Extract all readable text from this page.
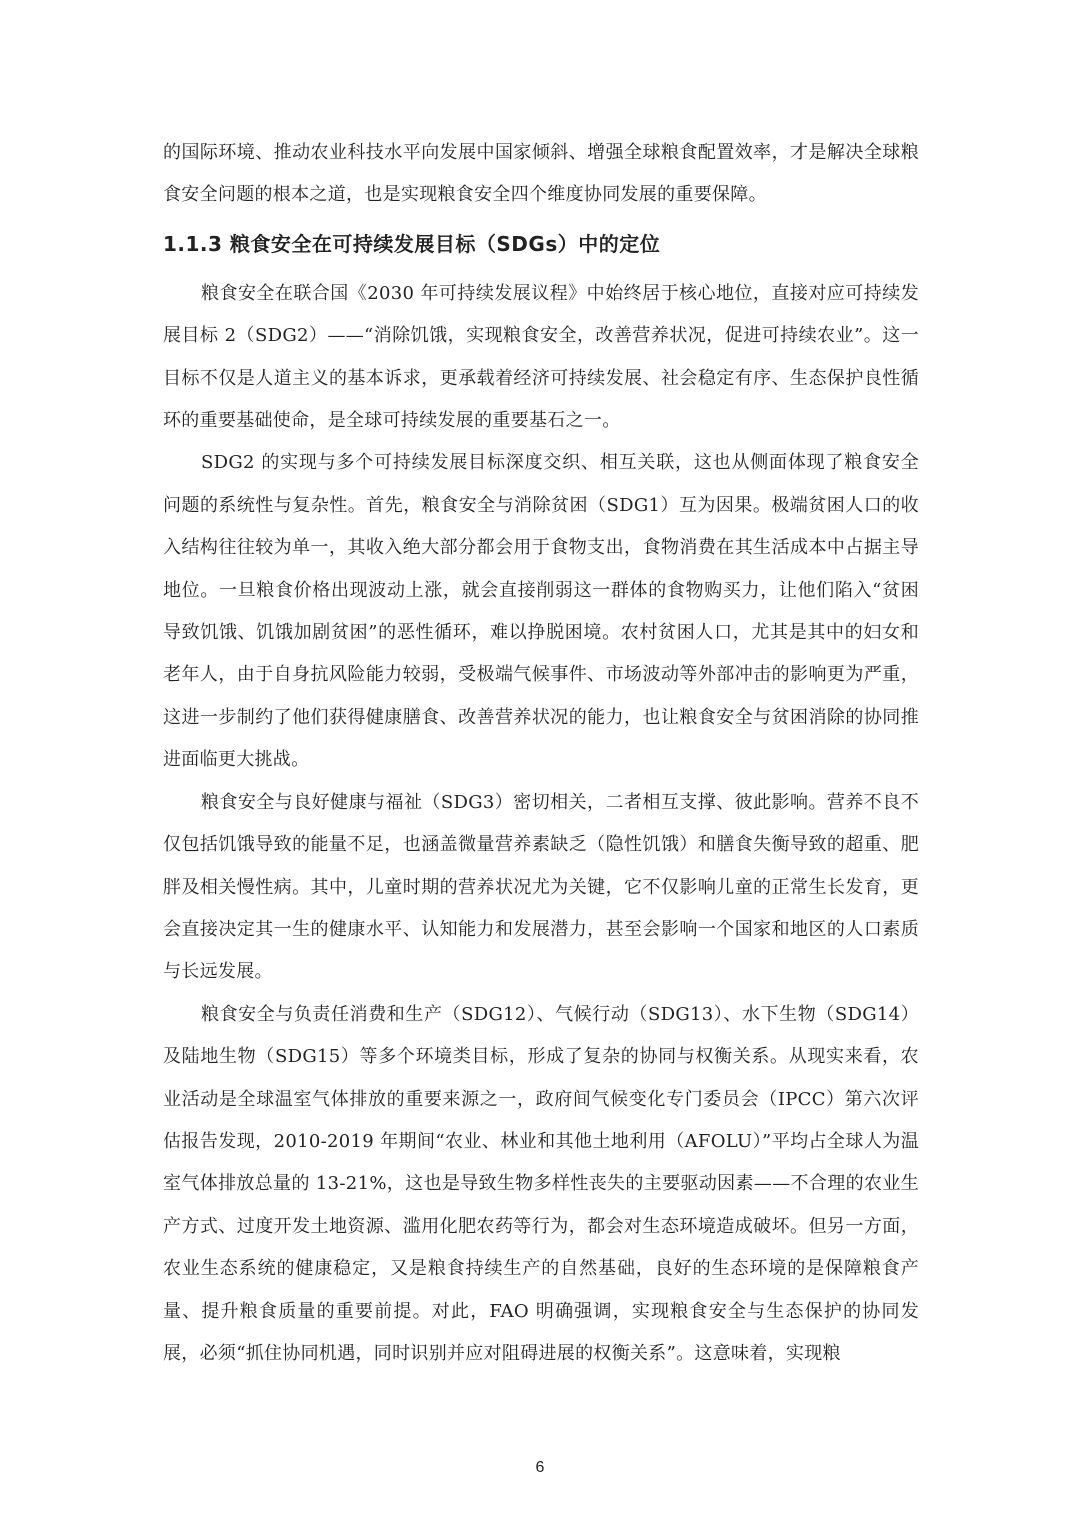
的国际环境、推动农业科技水平向发展中国家倾斜、增强全球粮食配置效率，才是解决全球粮食安全问题的根本之道，也是实现粮食安全四个维度协同发展的重要保障。

1.1.3 粮食安全在可持续发展目标（SDGs）中的定位

粮食安全在联合国《2030 年可持续发展议程》中始终居于核心地位，直接对应可持续发展目标 2（SDG2）——“消除饥饿，实现粮食安全，改善营养状况，促进可持续农业”。这一目标不仅是人道主义的基本诉求，更承载着经济可持续发展、社会稳定有序、生态保护良性循环的重要基础使命，是全球可持续发展的重要基石之一。

SDG2 的实现与多个可持续发展目标深度交织、相互关联，这也从侧面体现了粮食安全问题的系统性与复杂性。首先，粮食安全与消除贫困（SDG1）互为因果。极端贫困人口的收入结构往往较为单一，其收入绝大部分都会用于食物支出，食物消费在其生活成本中占据主导地位。一旦粮食价格出现波动上涨，就会直接削弱这一群体的食物购买力，让他们陷入“贫困导致饥饿、饥饿加剧贫困”的恶性循环，难以挣脱困境。农村贫困人口，尤其是其中的妇女和老年人，由于自身抗风险能力较弱，受极端气候事件、市场波动等外部冲击的影响更为严重，这进一步制约了他们获得健康膳食、改善营养状况的能力，也让粮食安全与贫困消除的协同推进面临更大挑战。

粮食安全与良好健康与福祉（SDG3）密切相关，二者相互支撑、彼此影响。营养不良不仅包括饥饿导致的能量不足，也涵盖微量营养素缺乏（隐性饥饿）和膳食失衡导致的超重、肥胖及相关慢性病。其中，儿童时期的营养状况尤为关键，它不仅影响儿童的正常生长发育，更会直接决定其一生的健康水平、认知能力和发展潜力，甚至会影响一个国家和地区的人口素质与长远发展。

粮食安全与负责任消费和生产（SDG12）、气候行动（SDG13）、水下生物（SDG14）及陆地生物（SDG15）等多个环境类目标，形成了复杂的协同与权衡关系。从现实来看，农业活动是全球温室气体排放的重要来源之一，政府间气候变化专门委员会（IPCC）第六次评估报告发现，2010-2019 年期间“农业、林业和其他土地利用（AFOLU）”平均占全球人为温室气体排放总量的 13-21%，这也是导致生物多样性丧失的主要驱动因素——不合理的农业生产方式、过度开发土地资源、滥用化肥农药等行为，都会对生态环境造成破坏。但另一方面，农业生态系统的健康稳定，又是粮食持续生产的自然基础，良好的生态环境的是保障粮食产量、提升粮食质量的重要前提。对此，FAO 明确强调，实现粮食安全与生态保护的协同发展，必须“抓住协同机遇，同时识别并应对阻碍进展的权衡关系”。这意味着，实现粮

6
